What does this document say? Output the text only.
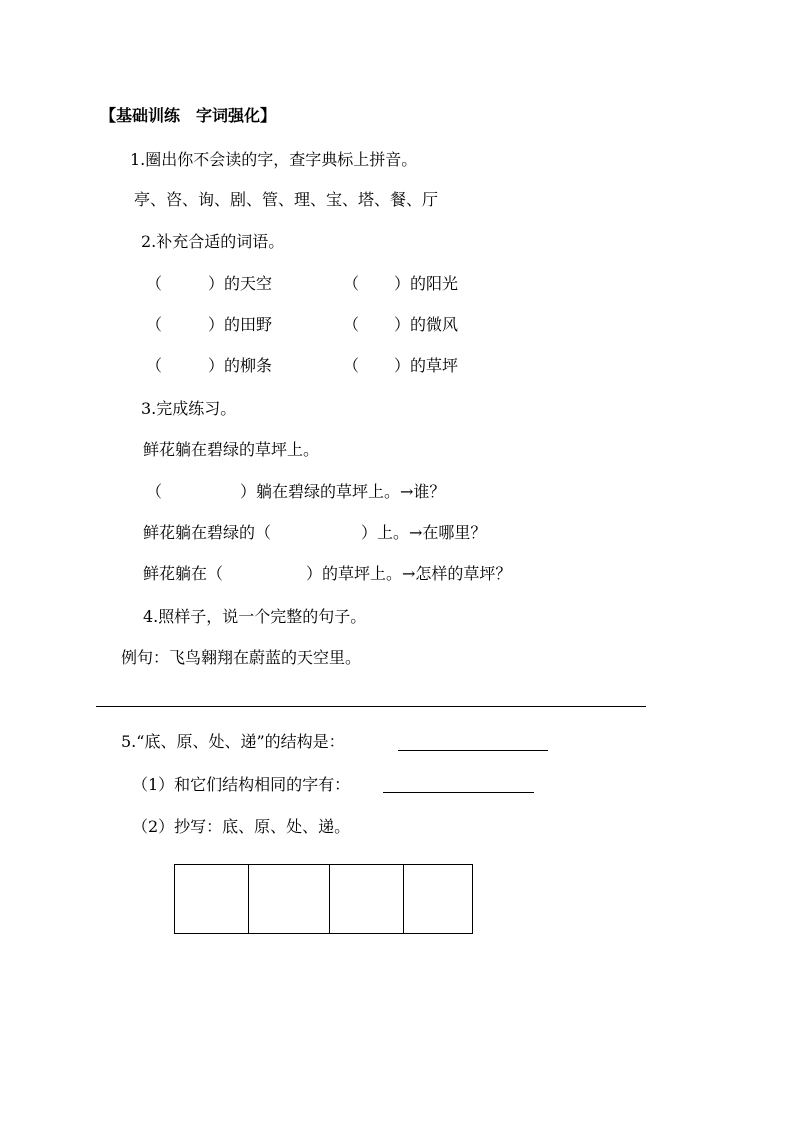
【基础训练　字词强化】
1.圈出你不会读的字，查字典标上拼音。
亭、咨、询、剧、管、理、宝、塔、餐、厅
2.补充合适的词语。
（	）的天空	（ ）的阳光
（	）的田野	（ ）的微风
（	）的柳条	（ ）的草坪
3.完成练习。
鲜花躺在碧绿的草坪上。
（	）躺在碧绿的草坪上。→谁？
鲜花躺在碧绿的（	）上。→在哪里？
鲜花躺在（	）的草坪上。→怎样的草坪？
4.照样子，说一个完整的句子。
例句：飞鸟翱翔在蔚蓝的天空里。
5.“底、原、处、递”的结构是：
（1）和它们结构相同的字有：
（2）抄写：底、原、处、递。
